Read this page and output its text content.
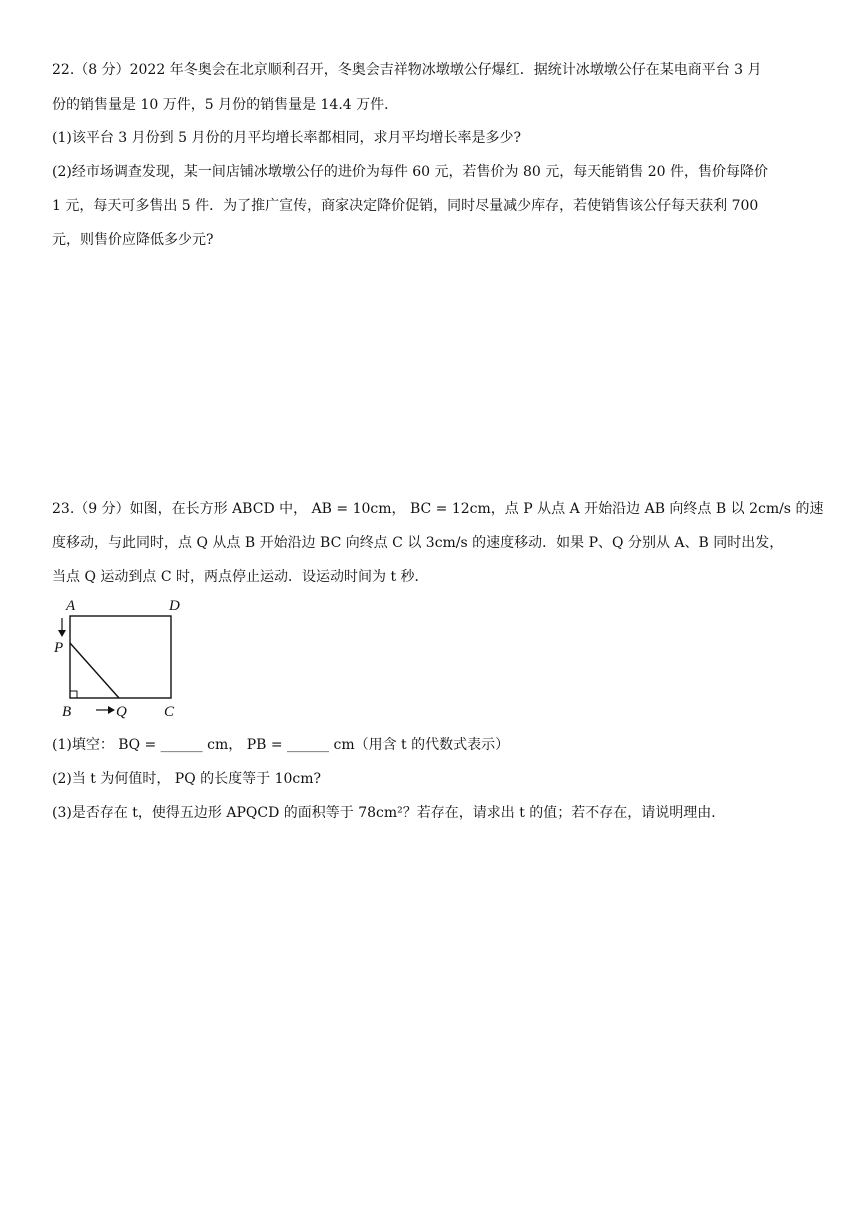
22.（8 分）2022 年冬奥会在北京顺利召开，冬奥会吉祥物冰墩墩公仔爆红．据统计冰墩墩公仔在某电商平台 3 月
份的销售量是 10 万件，5 月份的销售量是 14.4 万件．
(1)该平台 3 月份到 5 月份的月平均增长率都相同，求月平均增长率是多少?
(2)经市场调查发现，某一间店铺冰墩墩公仔的进价为每件 60 元，若售价为 80 元，每天能销售 20 件，售价每降价
1 元，每天可多售出 5 件．为了推广宣传，商家决定降价促销，同时尽量减少库存，若使销售该公仔每天获利 700
元，则售价应降低多少元?
23.（9 分）如图，在长方形 ABCD 中， AB = 10cm， BC = 12cm，点 P 从点 A 开始沿边 AB 向终点 B 以 2cm/s 的速
度移动，与此同时，点 Q 从点 B 开始沿边 BC 向终点 C 以 3cm/s 的速度移动．如果 P、Q 分别从 A、B 同时出发，
当点 Q 运动到点 C 时，两点停止运动．设运动时间为 t 秒．
A	D
P
B	Q C
(1)填空： BQ = ______ cm， PB = ______ cm（用含 t 的代数式表示）
(2)当 t 为何值时， PQ 的长度等于 10cm?
(3)是否存在 t，使得五边形 APQCD 的面积等于 78cm²？若存在，请求出 t 的值；若不存在，请说明理由．
